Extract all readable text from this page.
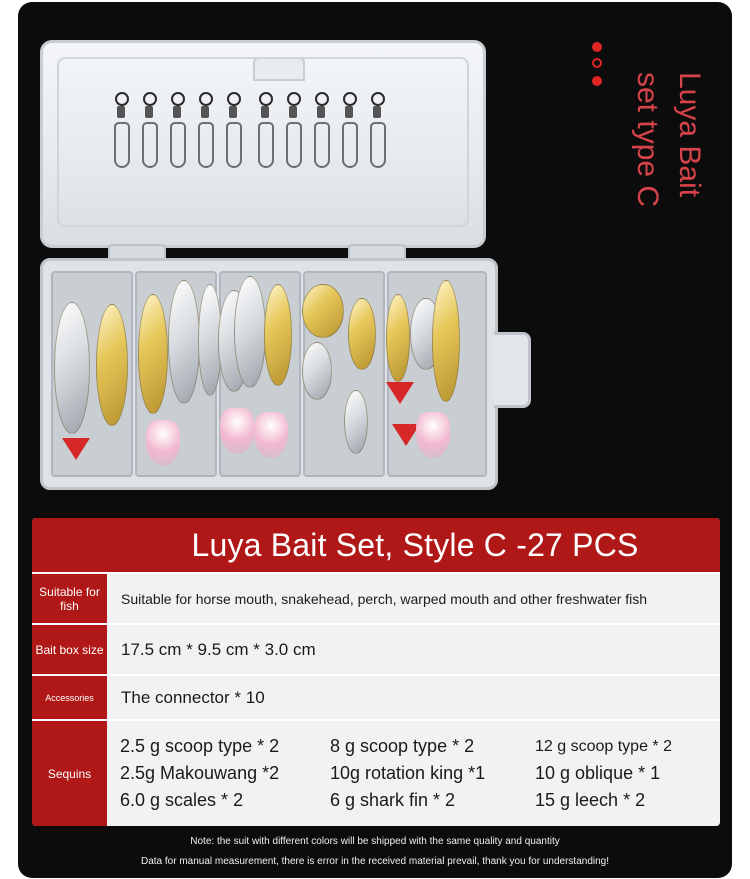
Luya Bait
set type C
Luya Bait Set, Style C -27 PCS
Suitable for fish	Suitable for horse mouth, snakehead, perch, warped mouth and other freshwater fish
Bait box size	17.5 cm * 9.5 cm * 3.0 cm
Accessories	The connector * 10
Sequins
2.5 g scoop type * 2	8 g scoop type * 2	12 g scoop type * 2
2.5g Makouwang *2	10g rotation king *1	10 g oblique * 1
6.0 g scales * 2	6 g shark fin * 2	15 g leech * 2
Note: the suit with different colors will be shipped with the same quality and quantity
Data for manual measurement, there is error in the received material prevail, thank you for understanding!
